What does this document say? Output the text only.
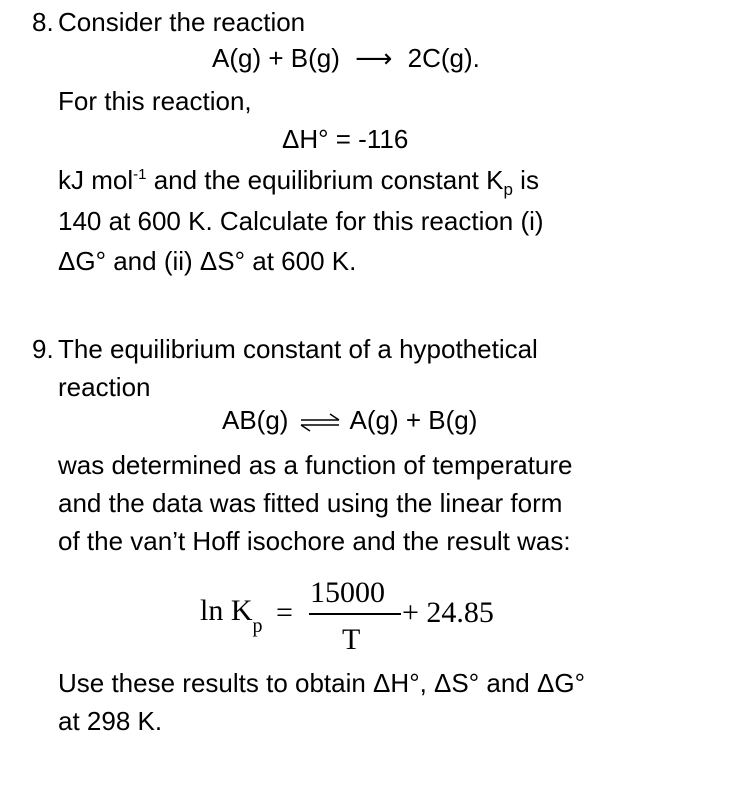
8. Consider the reaction
A(g) + B(g) ⟶ 2C(g).
For this reaction,
ΔH° = -116
kJ mol$^{-1}$ and the equilibrium constant $K_p$ is
140 at 600 K. Calculate for this reaction (i)
ΔG° and (ii) ΔS° at 600 K.
9. The equilibrium constant of a hypothetical
reaction
AB(g) ⇌ A(g) + B(g)
was determined as a function of temperature
and the data was fitted using the linear form
of the van’t Hoff isochore and the result was:
$\ln K_p$ =
15000
T
+ 24.85
Use these results to obtain ΔH°, ΔS° and ΔG°
at 298 K.
